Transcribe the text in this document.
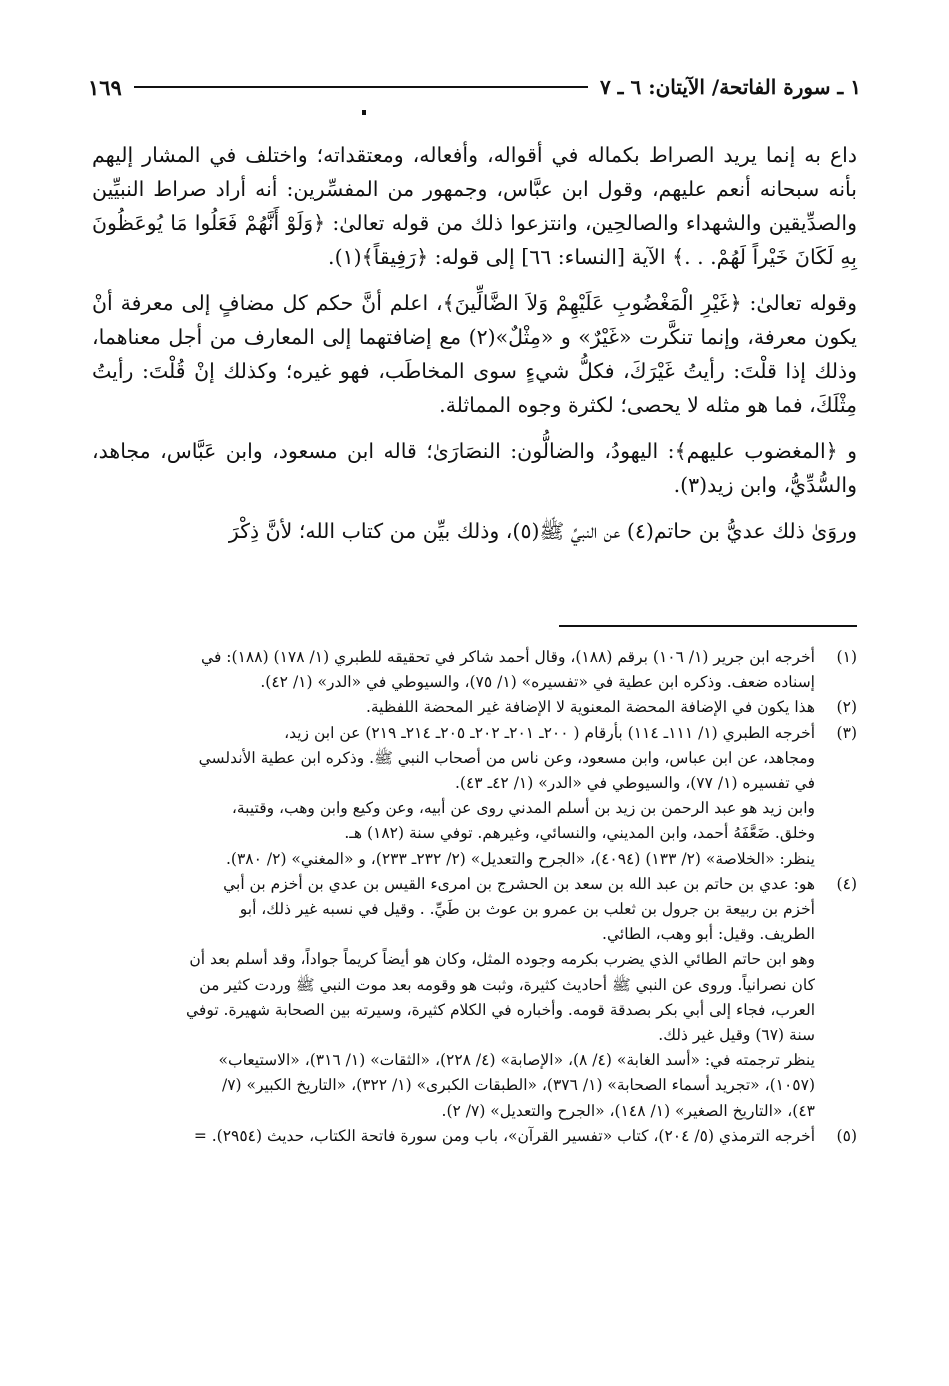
١ ـ سورة الفاتحة/ الآيتان: ٦ ـ ٧
١٦٩

داع به إنما يريد الصراط بكماله في أقواله، وأفعاله، ومعتقداته؛ واختلف في المشار إليهم بأنه سبحانه أنعم عليهم، وقول ابن عبَّاس، وجمهور من المفسِّرين: أنه أراد صراط النبيِّين والصدِّيقين والشهداء والصالحِين، وانتزعوا ذلك من قوله تعالىٰ: ﴿وَلَوْ أَنَّهُمْ فَعَلُوا مَا يُوعَظُونَ بِهِ لَكَانَ خَيْراً لَهُمْ. . .﴾ الآية [النساء: ٦٦] إلى قوله: ﴿رَفِيقاً﴾(١).

وقوله تعالىٰ: ﴿غَيْرِ الْمَغْضُوبِ عَلَيْهِمْ وَلاَ الضَّالِّينَ﴾، اعلم أنَّ حكم كل مضافٍ إلى معرفة أنْ يكون معرفة، وإنما تنكَّرت «غَيْرٌ» و «مِثْلٌ»(٢) مع إضافتهما إلى المعارف من أجل معناهما، وذلك إذا قلْتَ: رأيتُ غَيْرَكَ، فكلُّ شيءٍ سوى المخاطَب، فهو غيره؛ وكذلك إنْ قُلْتَ: رأيتُ مِثْلَكَ، فما هو مثله لا يحصى؛ لكثرة وجوه المماثلة.

و ﴿المغضوب عليهم﴾: اليهودُ، والضالُّون: النصَارَىٰ؛ قاله ابن مسعود، وابن عَبَّاس، مجاهد، والسُّدِّيُّ، وابن زيد(٣).

وروَىٰ ذلك عديُّ بن حاتم(٤) عن النبيِّ ﷺ(٥)، وذلك بيِّن من كتاب الله؛ لأنَّ ذِكْرَ

(١)
أخرجه ابن جرير (١/ ١٠٦) برقم (١٨٨)، وقال أحمد شاكر في تحقيقه للطبري (١/ ١٧٨) (١٨٨): في
إسناده ضعف. وذكره ابن عطية في «تفسيره» (١/ ٧٥)، والسيوطي في «الدر» (١/ ٤٢).
(٢)
هذا يكون في الإضافة المحضة المعنوية لا الإضافة غير المحضة اللفظية.
(٣)
أخرجه الطبري (١/ ١١١ـ ١١٤) بأرقام ( ٢٠٠ـ ٢٠١ـ ٢٠٢ـ ٢٠٥ـ ٢١٤ـ ٢١٩) عن ابن زيد،
ومجاهد، عن ابن عباس، وابن مسعود، وعن ناس من أصحاب النبي ﷺ. وذكره ابن عطية الأندلسي
في تفسيره (١/ ٧٧)، والسيوطي في «الدر» (١/ ٤٢ـ ٤٣).
وابن زيد هو عبد الرحمن بن زيد بن أسلم المدني روى عن أبيه، وعن وكيع وابن وهب، وقتيبة،
وخلق. ضَعَّفَهُ أحمد، وابن المديني، والنسائي، وغيرهم. توفي سنة (١٨٢) هـ.
ينظر: «الخلاصة» (٢/ ١٣٣) (٤٠٩٤)، «الجرح والتعديل» (٢/ ٢٣٢ـ ٢٣٣)، و «المغني» (٢/ ٣٨٠).
(٤)
هو: عدي بن حاتم بن عبد الله بن سعد بن الحشرج بن امرىء القيس بن عدي بن أخزم بن أبي
أخزم بن ربيعة بن جرول بن ثعلب بن عمرو بن عوث بن طَيِّ. . وقيل في نسبه غير ذلك، أبو
الطريف. وقيل: أبو وهب، الطائي.
وهو ابن حاتم الطائي الذي يضرب بكرمه وجوده المثل، وكان هو أيضاً كريماً جواداً، وقد أسلم بعد أن
كان نصرانياً. وروى عن النبي ﷺ أحاديث كثيرة، وثبت هو وقومه بعد موت النبي ﷺ وردت كثير من
العرب، فجاء إلى أبي بكر بصدقة قومه. وأخباره في الكلام كثيرة، وسيرته بين الصحابة شهيرة. توفي
سنة (٦٧) وقيل غير ذلك.
ينظر ترجمته في: «أسد الغابة» (٤/ ٨)، «الإصابة» (٤/ ٢٢٨)، «الثقات» (١/ ٣١٦)، «الاستيعاب»
(١٠٥٧)، «تجريد أسماء الصحابة» (١/ ٣٧٦)، «الطبقات الكبرى» (١/ ٣٢٢)، «التاريخ الكبير» (٧/
٤٣)، «التاريخ الصغير» (١/ ١٤٨)، «الجرح والتعديل» (٧/ ٢).
(٥)
أخرجه الترمذي (٥/ ٢٠٤)، كتاب «تفسير القرآن»، باب ومن سورة فاتحة الكتاب، حديث (٢٩٥٤). =
